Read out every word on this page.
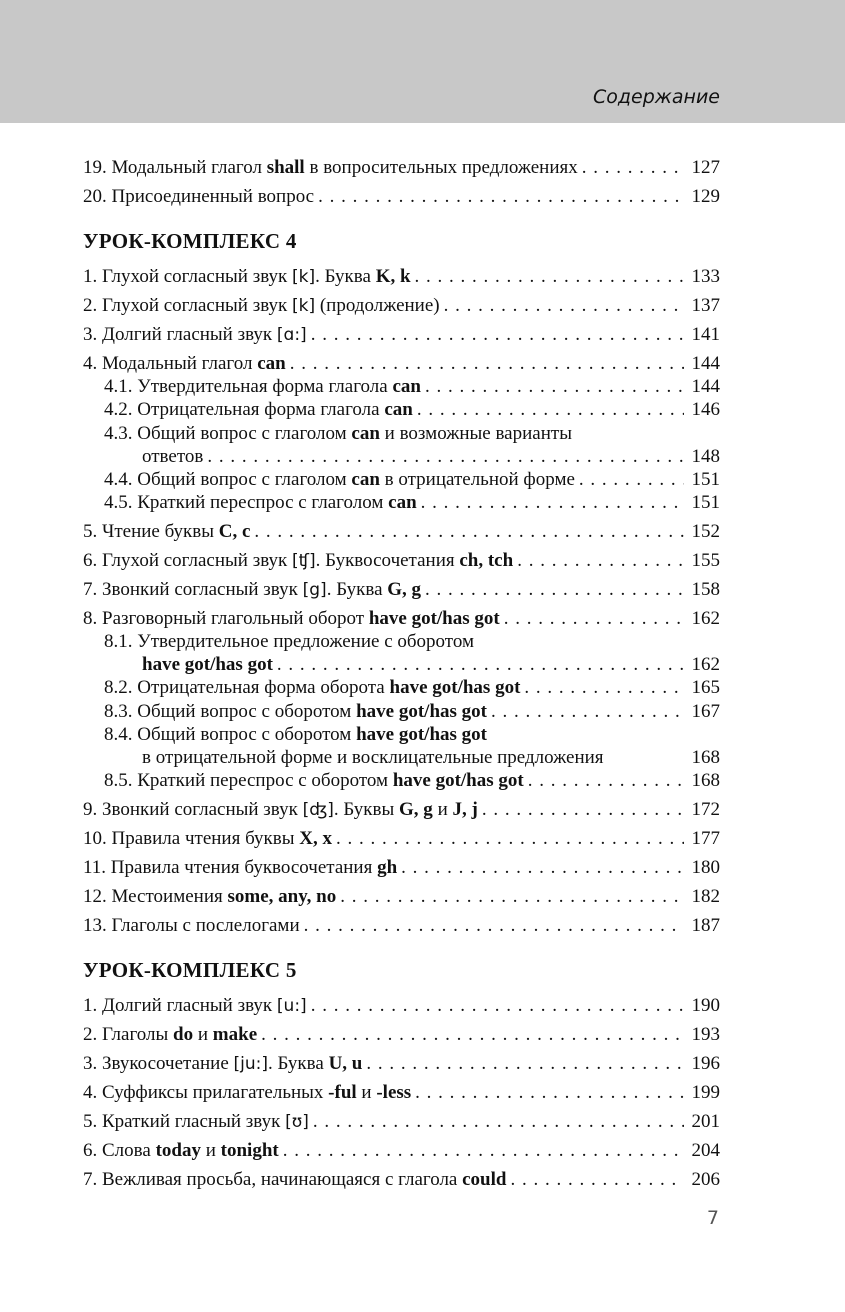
Содержание
19. Модальный глагол shall в вопросительных предложениях . . .	127
20. Присоединенный вопрос . . .	129
УРОК-КОМПЛЕКС 4
1. Глухой согласный звук [k]. Буква K, k . . .	133
2. Глухой согласный звук [k] (продолжение) . . .	137
3. Долгий гласный звук [ɑ:] . . .	141
4. Модальный глагол can . . .	144
4.1. Утвердительная форма глагола can . . .	144
4.2. Отрицательная форма глагола can . . .	146
4.3. Общий вопрос с глаголом can и возможные варианты
ответов . . .	148
4.4. Общий вопрос с глаголом can в отрицательной форме . . .	151
4.5. Краткий переспрос с глаголом can . . .	151
5. Чтение буквы C, c . . .	152
6. Глухой согласный звук [ʧ]. Буквосочетания ch, tch . . .	155
7. Звонкий согласный звук [g]. Буква G, g . . .	158
8. Разговорный глагольный оборот have got/has got . . .	162
8.1. Утвердительное предложение с оборотом
have got/has got . . .	162
8.2. Отрицательная форма оборота have got/has got . . .	165
8.3. Общий вопрос с оборотом have got/has got . . .	167
8.4. Общий вопрос с оборотом have got/has got
в отрицательной форме и восклицательные предложения	168
8.5. Краткий переспрос с оборотом have got/has got . . .	168
9. Звонкий согласный звук [ʤ]. Буквы G, g и J, j . . .	172
10. Правила чтения буквы X, x . . .	177
11. Правила чтения буквосочетания gh . . .	180
12. Местоимения some, any, no . . .	182
13. Глаголы с послелогами . . .	187
УРОК-КОМПЛЕКС 5
1. Долгий гласный звук [u:] . . .	190
2. Глаголы do и make . . .	193
3. Звукосочетание [ju:]. Буква U, u . . .	196
4. Суффиксы прилагательных -ful и -less . . .	199
5. Краткий гласный звук [ʊ] . . .	201
6. Слова today и tonight . . .	204
7. Вежливая просьба, начинающаяся с глагола could . . .	206
7
